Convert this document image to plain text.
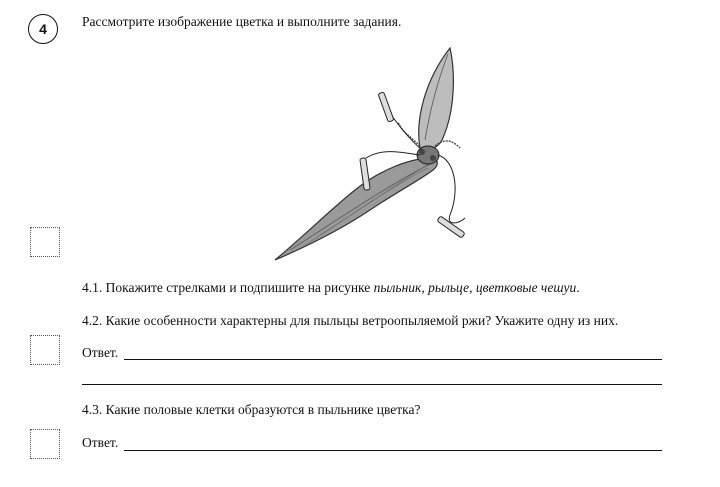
4	Рассмотрите изображение цветка и выполните задания.
4.1. Покажите стрелками и подпишите на рисунке пыльник, рыльце, цветковые чешуи.
4.2. Какие особенности характерны для пыльцы ветроопыляемой ржи? Укажите одну из них.
Ответ.
4.3. Какие половые клетки образуются в пыльнике цветка?
Ответ.
